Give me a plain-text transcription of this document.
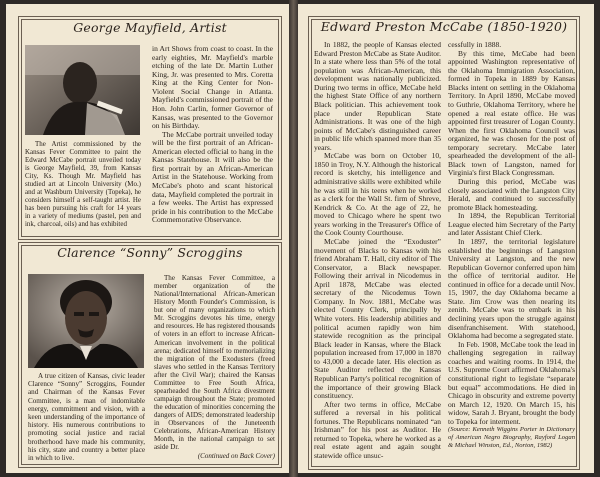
George Mayfield, Artist

in Art Shows from coast to coast. In the early eighties, Mr. Mayfield's marble etching of the late Dr. Martin Luther King, Jr. was presented to Mrs. Coretta King at the King Center for Non-Violent Social Change in Atlanta. Mayfield's commissioned portrait of the Hon. John Carlin, former Governor of Kansas, was presented to the Governor on his Birthday.

The McCabe portrait unveiled today will be the first portrait of an African-American elected official to hang in the Kansas Statehouse. It will also be the first portrait by an African-American Artist in the Statehouse. Working from McCabe's photo and scant historical data, Mayfield completed the portrait in a few weeks. The Artist has expressed pride in his contribution to the McCabe Commemorative Observance.

The Artist commissioned by the Kansas Fever Committee to paint the Edward McCabe portrait unveiled today is George Mayfield, 39, from Kansas City, Ks. Though Mr. Mayfield has studied art at Lincoln University (Mo.) and at Washburn University (Topeka), he considers himself a self-taught artist. He has been pursuing his craft for 14 years in a variety of mediums (pastel, pen and ink, charcoal, oils) and has exhibited

Clarence “Sonny” Scroggins

The Kansas Fever Committee, a member organization of the National/International African-American History Month Founder's Commission, is but one of many organizations to which Mr. Scroggins devotes his time, energy and resources. He has registered thousands of voters in an effort to increase African-American involvement in the political arena; dedicated himself to memorializing the migration of the Exodusters (freed slaves who settled in the Kansas Territory after the Civil War); chaired the Kansas Committee to Free South Africa, spearheaded the South Africa divestment campaign throughout the State; promoted the education of minorities concerning the dangers of AIDS; demonstrated leadership in Observances of the Juneteenth Celebrations, African-American History Month, in the national campaign to set aside Dr.

(Continued on Back Cover)

A true citizen of Kansas, civic leader Clarence “Sonny” Scroggins, Founder and Chairman of the Kansas Fever Committee, is a man of indomitable energy, commitment and vision, with a keen understanding of the importance of history. His numerous contributions to promoting social justice and racial brotherhood have made his community, his city, state and country a better place in which to live.

Edward Preston McCabe (1850-1920)

In 1882, the people of Kansas elected Edward Preston McCabe as State Auditor. In a state where less than 5% of the total population was African-American, this development was nationally publicized. During two terms in office, McCabe held the highest State Office of any northern Black politician. This achievement took place under Republican State Administrations. It was one of the high points of McCabe's distinguished career in public life which spanned more than 35 years.

McCabe was born on October 10, 1850 in Troy, N.Y. Although the historical record is sketchy, his intelligence and administrative skills were exhibited while he was still in his teens when he worked as a clerk for the Wall St. firm of Shreve, Kendrick & Co. At the age of 22, he moved to Chicago where he spent two years working in the Treasurer's Office of the Cook County Courthouse.

McCabe joined the “Exoduster” movement of Blacks to Kansas with his friend Abraham T. Hall, city editor of The Conservator, a Black newspaper. Following their arrival in Nicodemus in April 1878, McCabe was elected secretary of the Nicodemus Town Company. In Nov. 1881, McCabe was elected County Clerk, principally by White voters. His leadership abilities and political acumen rapidly won him statewide recognition as the principal Black leader in Kansas, where the Black population increased from 17,000 in 1870 to 43,000 a decade later. His election as State Auditor reflected the Kansas Republican Party's political recognition of the importance of their growing Black constituency.

After two terms in office, McCabe suffered a reversal in his political fortunes. The Republicans nominated “an Irishman” for his post as Auditor. He returned to Topeka, where he worked as a real estate agent and again sought statewide office unsuc-

cessfully in 1888.

By this time, McCabe had been appointed Washington representative of the Oklahoma Immigration Association, formed in Topeka in 1889 by Kansas Blacks intent on settling in the Oklahoma Territory. In April 1890, McCabe moved to Guthrie, Oklahoma Territory, where he opened a real estate office. He was appointed first treasurer of Logan County. When the first Oklahoma Council was organized, he was chosen for the post of temporary secretary. McCabe later spearheaded the development of the all-Black town of Langston, named for Virginia's first Black Congressman.

During this period, McCabe was closely associated with the Langston City Herald, and continued to successfully promote Black homesteading.

In 1894, the Republican Territorial League elected him Secretary of the Party and later Assistant Chief Clerk.

In 1897, the territorial legislature established the beginnings of Langston University at Langston, and the new Republican Governor conferred upon him the office of territorial auditor. He continued in office for a decade until Nov. 15, 1907, the day Oklahoma became a State. Jim Crow was then nearing its zenith. McCabe was to embark in his declining years upon the struggle against disenfranchisement. With statehood, Oklahoma had become a segregated state.

In Feb. 1908, McCabe took the lead in challenging segregation in railway coaches and waiting rooms. In 1914, the U.S. Supreme Court affirmed Oklahoma's constitutional right to legislate “separate but equal” accommodations. He died in Chicago in obscurity and extreme poverty on March 12, 1920. On March 15, his widow, Sarah J. Bryant, brought the body to Topeka for interment.

(Source: Kenneth Wiggins Porter in Dictionary of American Negro Biography, Rayford Logan & Michael Winston, Ed., Norton, 1982)
